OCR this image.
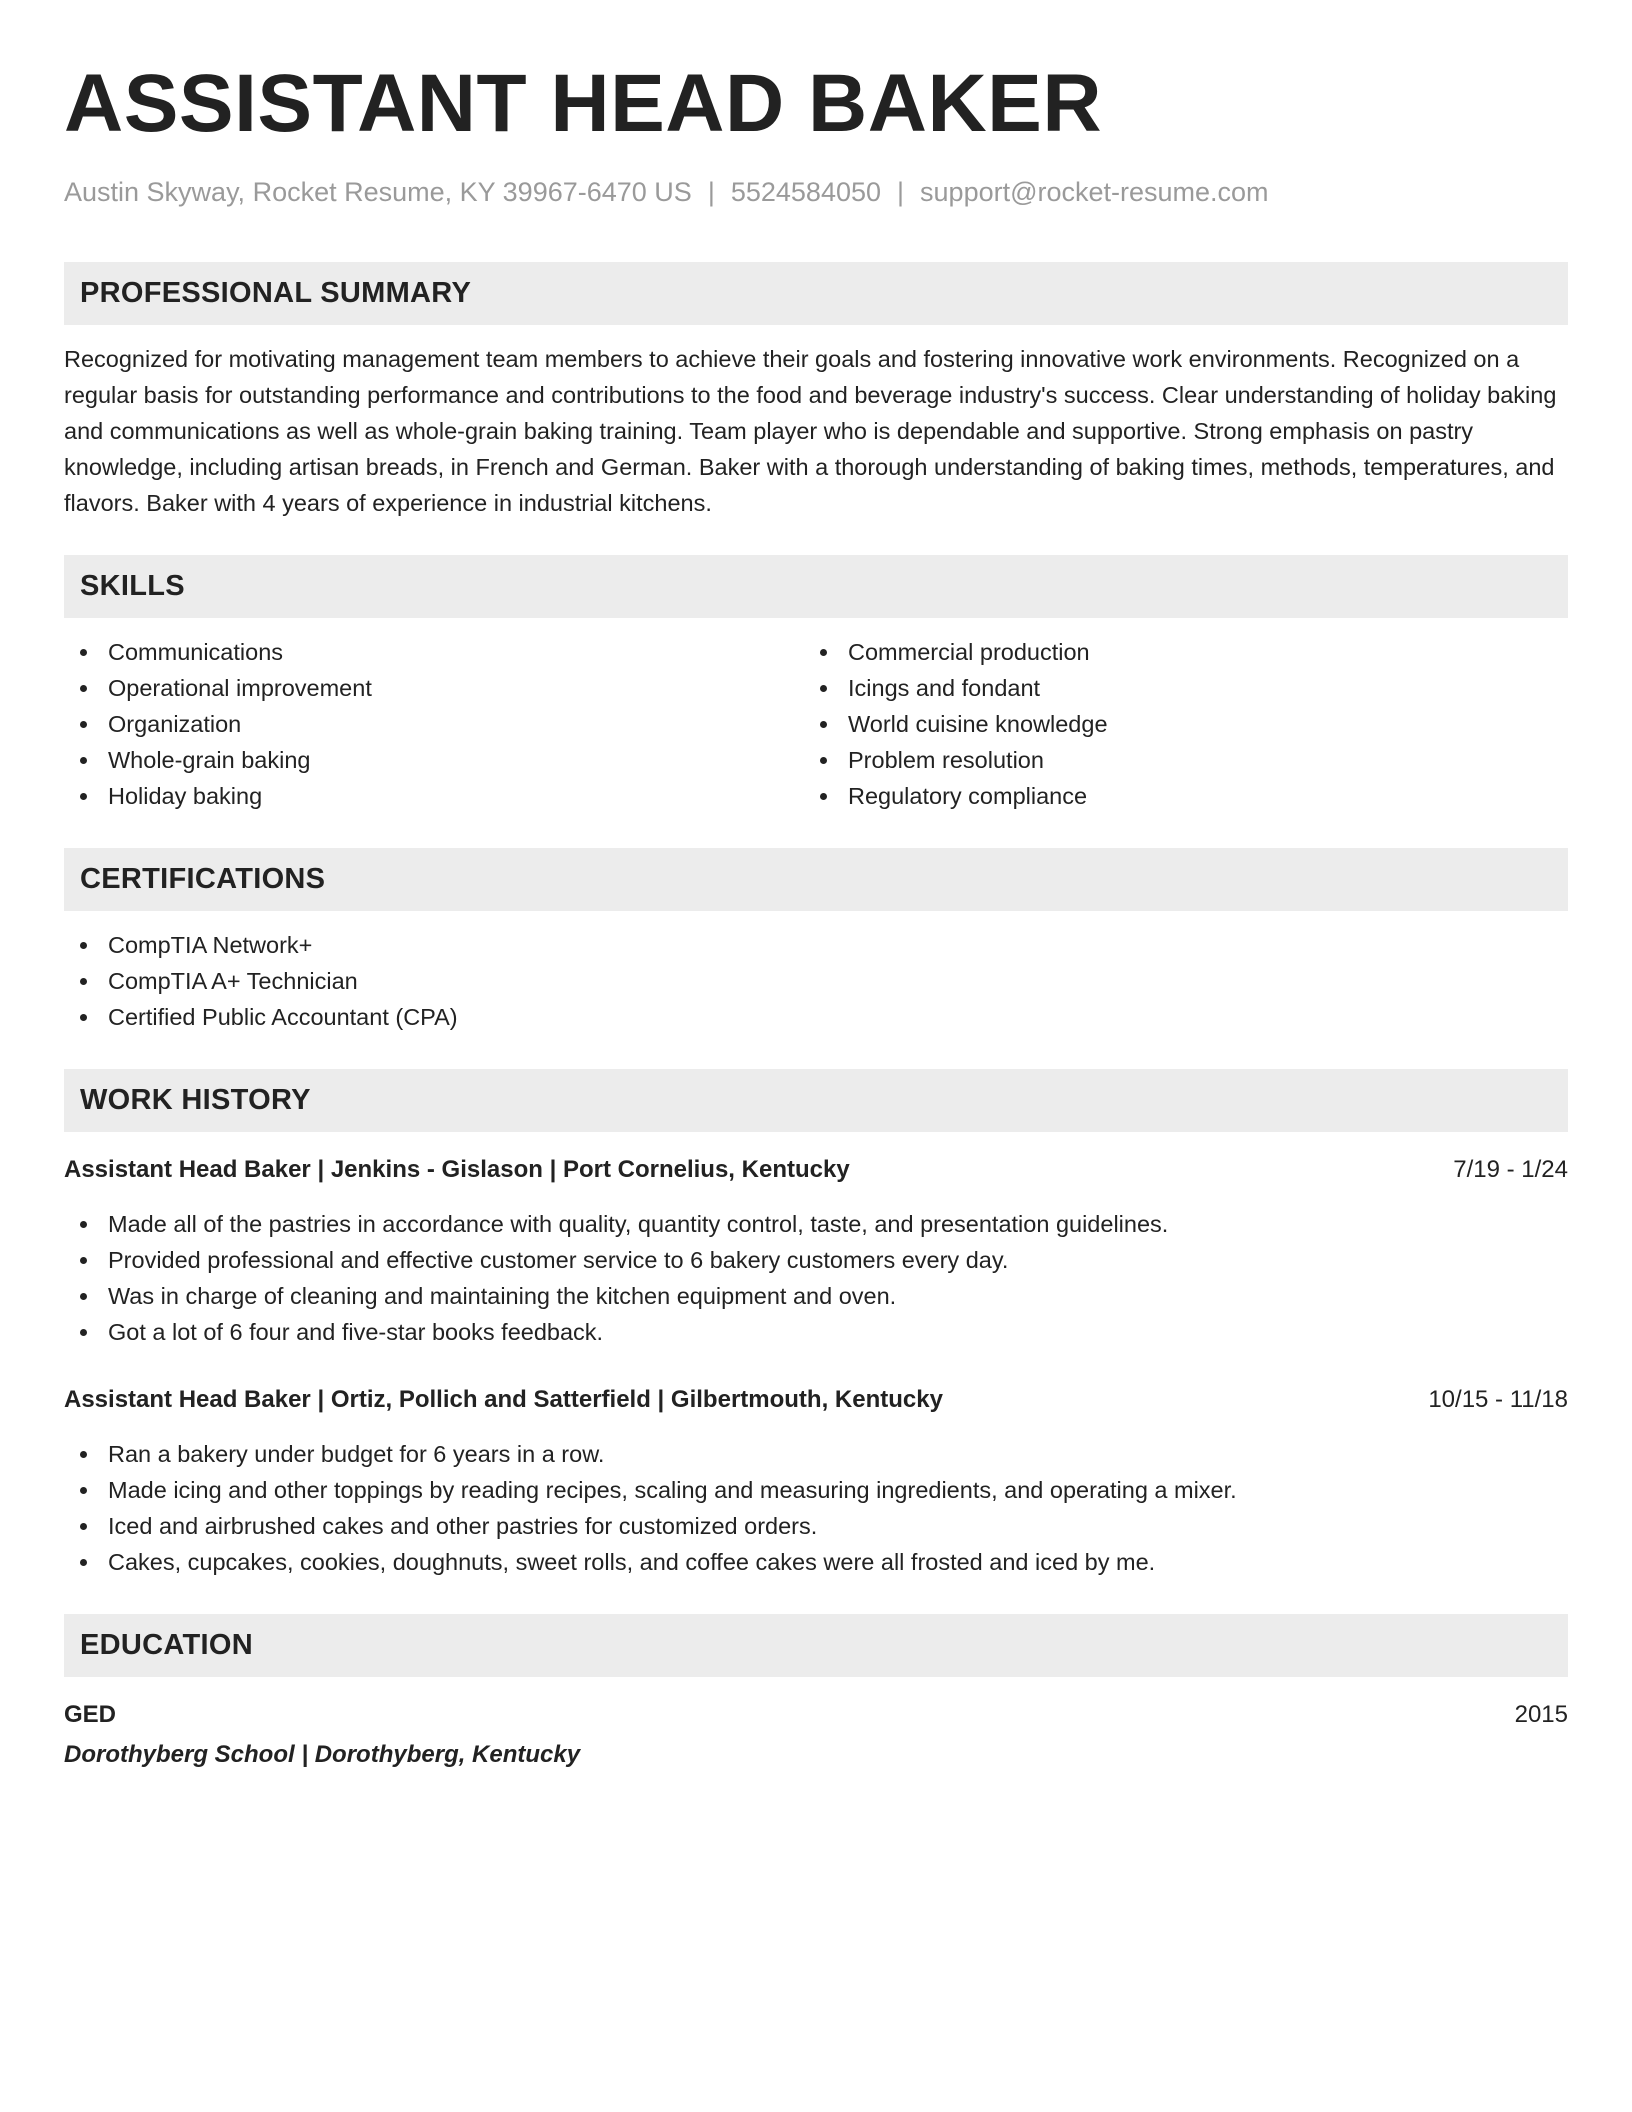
ASSISTANT HEAD BAKER
Austin Skyway, Rocket Resume, KY 39967-6470 US | 5524584050 | support@rocket-resume.com
PROFESSIONAL SUMMARY
Recognized for motivating management team members to achieve their goals and fostering innovative work environments. Recognized on a regular basis for outstanding performance and contributions to the food and beverage industry's success. Clear understanding of holiday baking and communications as well as whole-grain baking training. Team player who is dependable and supportive. Strong emphasis on pastry knowledge, including artisan breads, in French and German. Baker with a thorough understanding of baking times, methods, temperatures, and flavors. Baker with 4 years of experience in industrial kitchens.
SKILLS
Communications
Operational improvement
Organization
Whole-grain baking
Holiday baking
Commercial production
Icings and fondant
World cuisine knowledge
Problem resolution
Regulatory compliance
CERTIFICATIONS
CompTIA Network+
CompTIA A+ Technician
Certified Public Accountant (CPA)
WORK HISTORY
Assistant Head Baker | Jenkins - Gislason | Port Cornelius, Kentucky	7/19 - 1/24
Made all of the pastries in accordance with quality, quantity control, taste, and presentation guidelines.
Provided professional and effective customer service to 6 bakery customers every day.
Was in charge of cleaning and maintaining the kitchen equipment and oven.
Got a lot of 6 four and five-star books feedback.
Assistant Head Baker | Ortiz, Pollich and Satterfield | Gilbertmouth, Kentucky	10/15 - 11/18
Ran a bakery under budget for 6 years in a row.
Made icing and other toppings by reading recipes, scaling and measuring ingredients, and operating a mixer.
Iced and airbrushed cakes and other pastries for customized orders.
Cakes, cupcakes, cookies, doughnuts, sweet rolls, and coffee cakes were all frosted and iced by me.
EDUCATION
GED	2015
Dorothyberg School | Dorothyberg, Kentucky
